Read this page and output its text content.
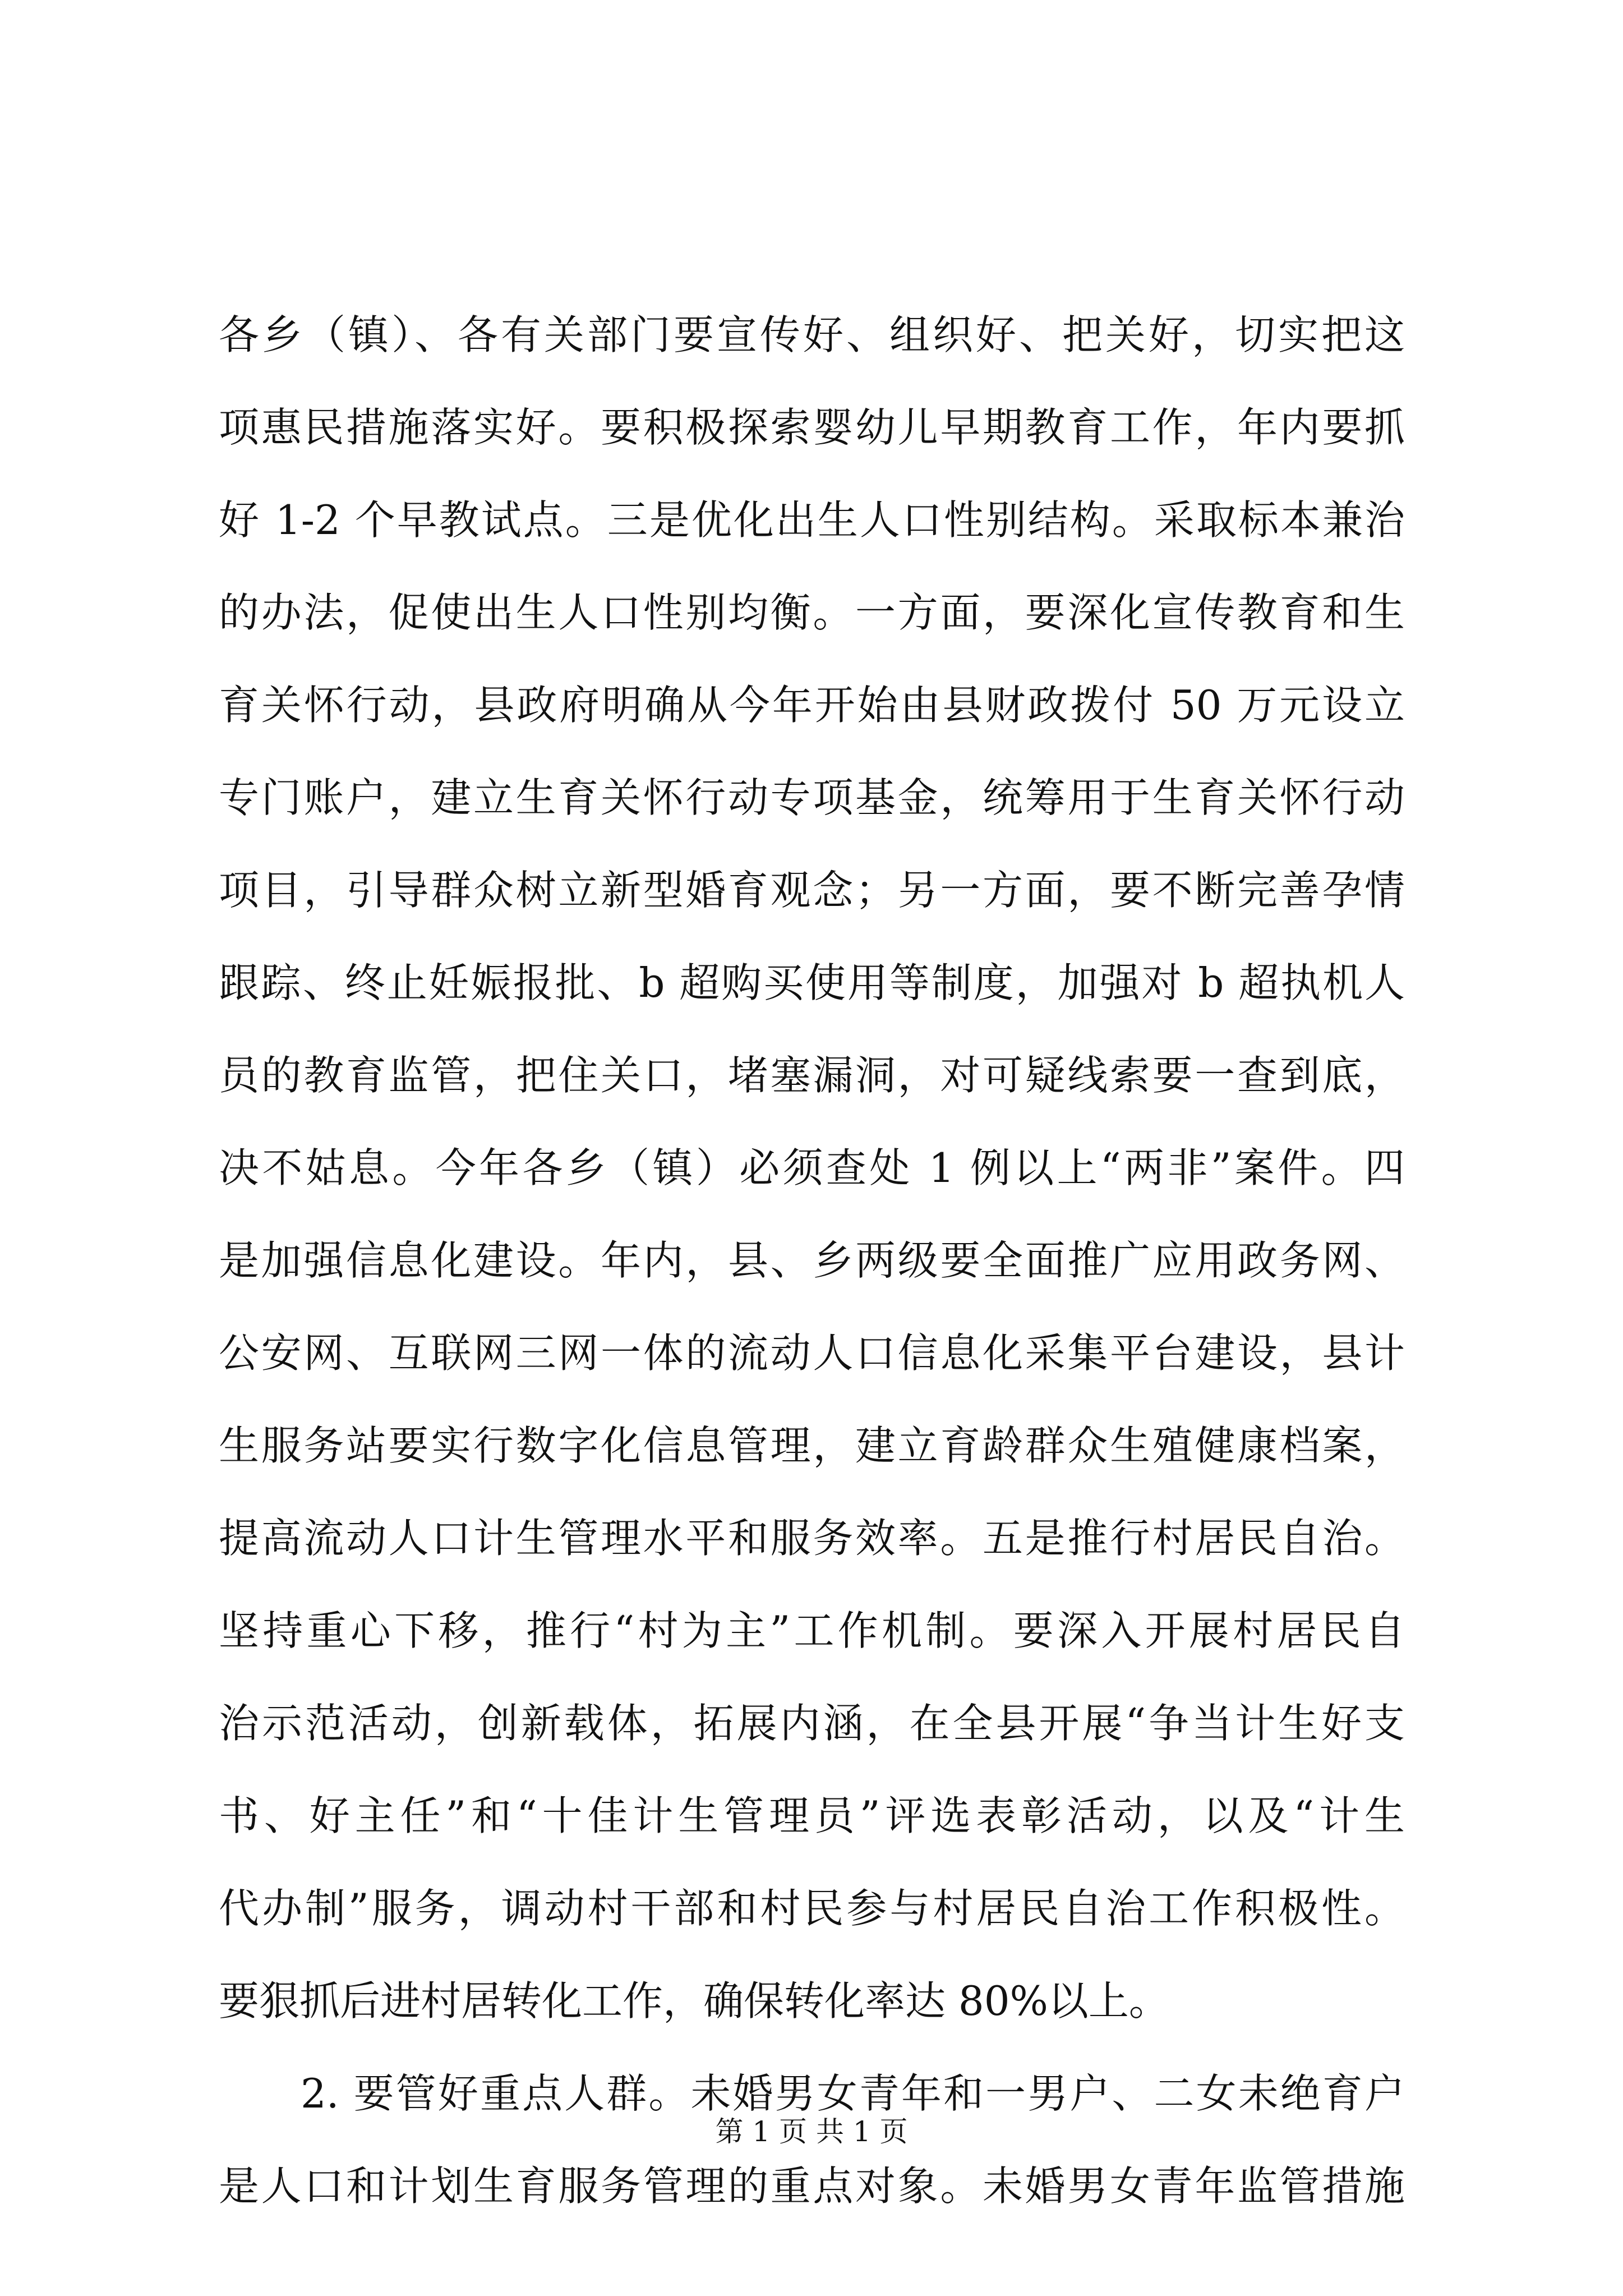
各乡（镇）、各有关部门要宣传好、组织好、把关好，切实把这
项惠民措施落实好。要积极探索婴幼儿早期教育工作，年内要抓
好 1-2 个早教试点。三是优化出生人口性别结构。采取标本兼治
的办法，促使出生人口性别均衡。一方面，要深化宣传教育和生
育关怀行动，县政府明确从今年开始由县财政拨付 50 万元设立
专门账户，建立生育关怀行动专项基金，统筹用于生育关怀行动
项目，引导群众树立新型婚育观念；另一方面，要不断完善孕情
跟踪、终止妊娠报批、b 超购买使用等制度，加强对 b 超执机人
员的教育监管，把住关口，堵塞漏洞，对可疑线索要一查到底，
决不姑息。今年各乡（镇）必须查处 1 例以上“两非”案件。四
是加强信息化建设。年内，县、乡两级要全面推广应用政务网、
公安网、互联网三网一体的流动人口信息化采集平台建设，县计
生服务站要实行数字化信息管理，建立育龄群众生殖健康档案，
提高流动人口计生管理水平和服务效率。五是推行村居民自治。
坚持重心下移，推行“村为主”工作机制。要深入开展村居民自
治示范活动，创新载体，拓展内涵，在全县开展“争当计生好支
书、好主任”和“十佳计生管理员”评选表彰活动，以及“计生
代办制”服务，调动村干部和村民参与村居民自治工作积极性。
要狠抓后进村居转化工作，确保转化率达 80%以上。
2. 要管好重点人群。未婚男女青年和一男户、二女未绝育户
是人口和计划生育服务管理的重点对象。未婚男女青年监管措施
第 1 页 共 1 页
